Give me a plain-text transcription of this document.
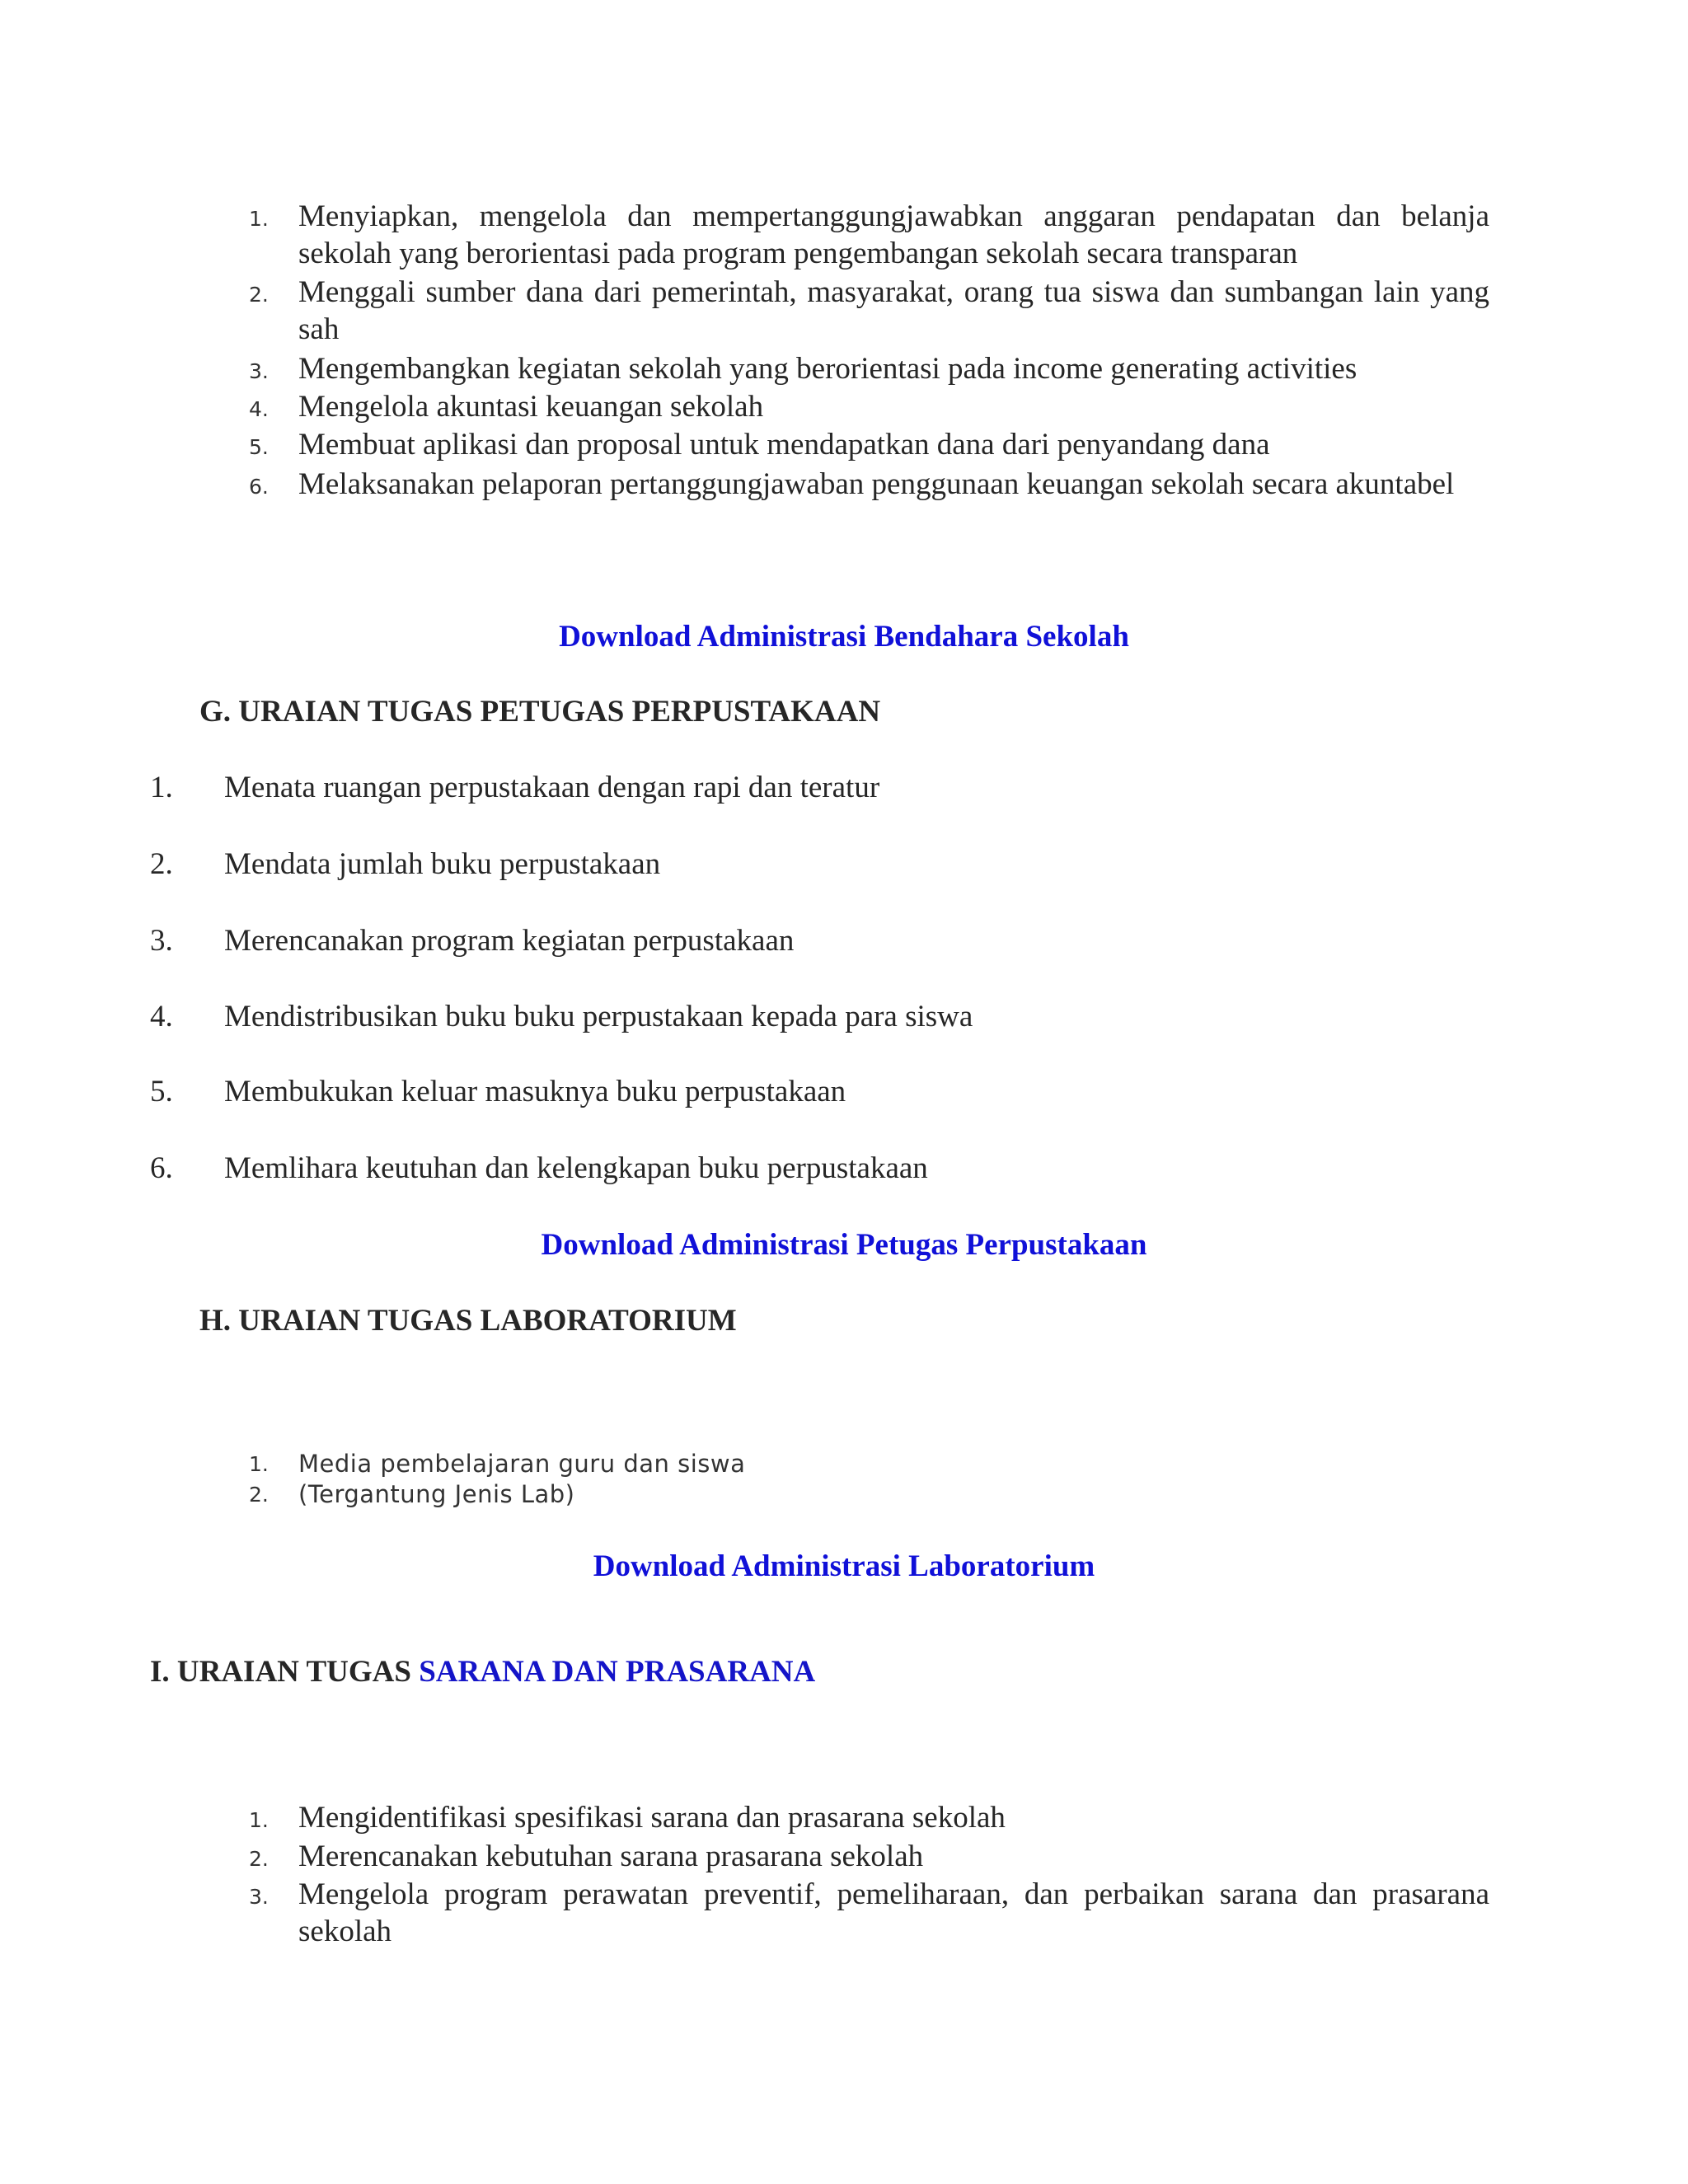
1. Menyiapkan, mengelola dan mempertanggungjawabkan anggaran pendapatan dan belanja sekolah yang berorientasi pada program pengembangan sekolah secara transparan

2. Menggali sumber dana dari pemerintah, masyarakat, orang tua siswa dan sumbangan lain yang sah

3. Mengembangkan kegiatan sekolah yang berorientasi pada income generating activities

4. Mengelola akuntasi keuangan sekolah

5. Membuat aplikasi dan proposal untuk mendapatkan dana dari penyandang dana

6. Melaksanakan pelaporan pertanggungjawaban penggunaan keuangan sekolah secara akuntabel

Download Administrasi Bendahara Sekolah
G. URAIAN TUGAS PETUGAS PERPUSTAKAAN
1. Menata ruangan perpustakaan dengan rapi dan teratur
2. Mendata jumlah buku perpustakaan
3. Merencanakan program kegiatan perpustakaan
4. Mendistribusikan buku buku perpustakaan kepada para siswa
5. Membukukan keluar masuknya buku perpustakaan
6. Memlihara keutuhan dan kelengkapan buku perpustakaan
Download Administrasi Petugas Perpustakaan
H. URAIAN TUGAS LABORATORIUM
1. Media pembelajaran guru dan siswa
2. (Tergantung Jenis Lab)
Download Administrasi Laboratorium
I. URAIAN TUGAS SARANA DAN PRASARANA
1. Mengidentifikasi spesifikasi sarana dan prasarana sekolah

2. Merencanakan kebutuhan sarana prasarana sekolah

3. Mengelola program perawatan preventif, pemeliharaan, dan perbaikan sarana dan prasarana sekolah
